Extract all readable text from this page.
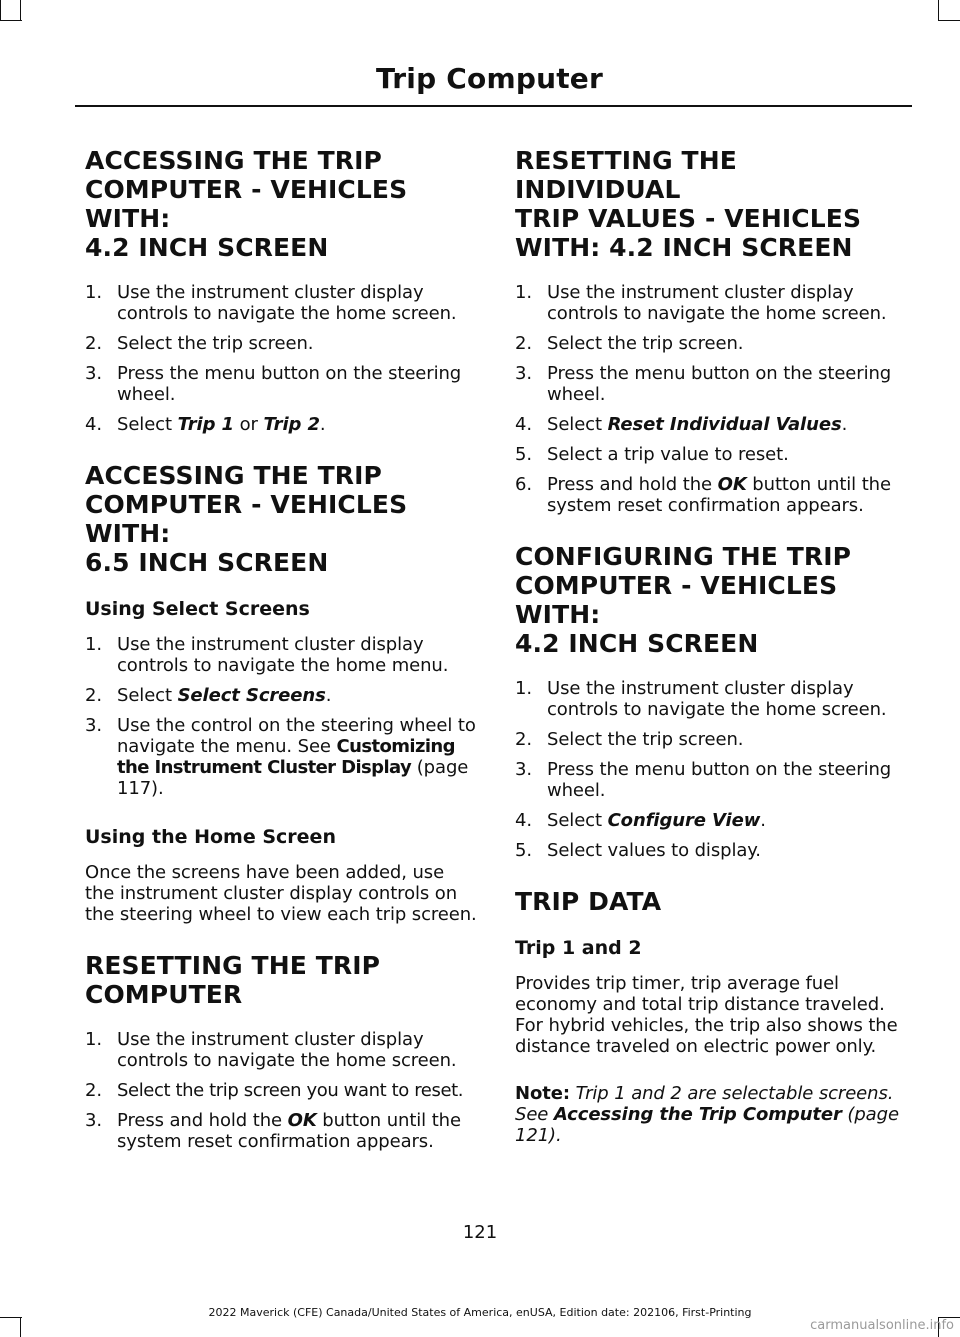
Trip Computer
ACCESSING THE TRIP
COMPUTER - VEHICLES WITH:
4.2 INCH SCREEN
1. Use the instrument cluster display controls to navigate the home screen.
2. Select the trip screen.
3. Press the menu button on the steering wheel.
4. Select Trip 1 or Trip 2.
ACCESSING THE TRIP
COMPUTER - VEHICLES WITH:
6.5 INCH SCREEN
Using Select Screens
1. Use the instrument cluster display controls to navigate the home menu.
2. Select Select Screens.
3. Use the control on the steering wheel to navigate the menu. See Customizing the Instrument Cluster Display (page 117).
Using the Home Screen

Once the screens have been added, use the instrument cluster display controls on the steering wheel to view each trip screen.

RESETTING THE TRIP
COMPUTER
1. Use the instrument cluster display controls to navigate the home screen.
2. Select the trip screen you want to reset.
3. Press and hold the OK button until the system reset confirmation appears.
RESETTING THE INDIVIDUAL
TRIP VALUES - VEHICLES
WITH: 4.2 INCH SCREEN
1. Use the instrument cluster display controls to navigate the home screen.
2. Select the trip screen.
3. Press the menu button on the steering wheel.
4. Select Reset Individual Values.
5. Select a trip value to reset.
6. Press and hold the OK button until the system reset confirmation appears.
CONFIGURING THE TRIP
COMPUTER - VEHICLES WITH:
4.2 INCH SCREEN
1. Use the instrument cluster display controls to navigate the home screen.
2. Select the trip screen.
3. Press the menu button on the steering wheel.
4. Select Configure View.
5. Select values to display.
TRIP DATA
Trip 1 and 2

Provides trip timer, trip average fuel economy and total trip distance traveled. For hybrid vehicles, the trip also shows the distance traveled on electric power only.

Note: Trip 1 and 2 are selectable screens. See Accessing the Trip Computer (page 121).

121
2022 Maverick (CFE) Canada/United States of America, enUSA, Edition date: 202106, First-Printing
carmanualsonline.info
